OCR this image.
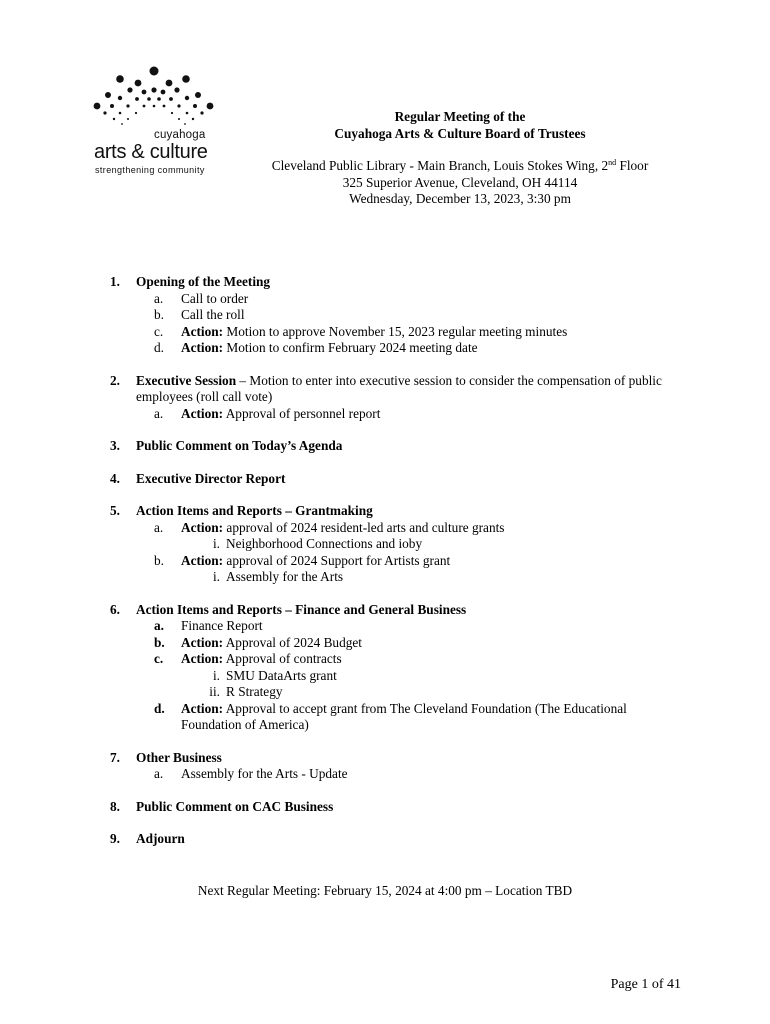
cuyahoga
arts & culture
strengthening community
Regular Meeting of the
Cuyahoga Arts & Culture Board of Trustees
Cleveland Public Library - Main Branch, Louis Stokes Wing, 2nd Floor
325 Superior Avenue, Cleveland, OH 44114
Wednesday, December 13, 2023, 3:30 pm
1.	Opening of the Meeting
a.	Call to order
b.	Call the roll
c.	Action: Motion to approve November 15, 2023 regular meeting minutes
d.	Action: Motion to confirm February 2024 meeting date
2.	Executive Session – Motion to enter into executive session to consider the compensation of public employees (roll call vote)
a.	Action: Approval of personnel report
3.	Public Comment on Today’s Agenda
4.	Executive Director Report
5.	Action Items and Reports – Grantmaking
a.	Action: approval of 2024 resident-led arts and culture grants
i. Neighborhood Connections and ioby
b.	Action: approval of 2024 Support for Artists grant
i. Assembly for the Arts
6.	Action Items and Reports – Finance and General Business
a.	Finance Report
b.	Action: Approval of 2024 Budget
c.	Action: Approval of contracts
i. SMU DataArts grant
ii. R Strategy
d.	Action: Approval to accept grant from The Cleveland Foundation (The Educational Foundation of America)
7.	Other Business
a.	Assembly for the Arts - Update
8.	Public Comment on CAC Business
9.	Adjourn
Next Regular Meeting: February 15, 2024 at 4:00 pm – Location TBD
Page 1 of 41
